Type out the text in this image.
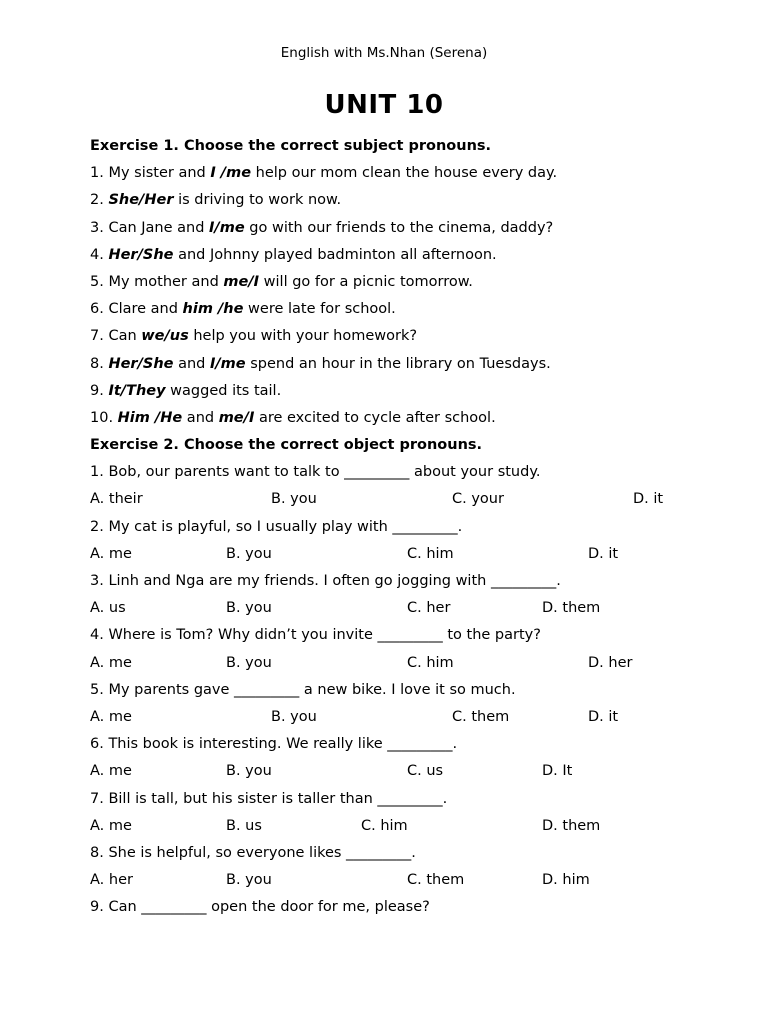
English with Ms.Nhan (Serena)
UNIT 10
Exercise 1. Choose the correct subject pronouns.
1. My sister and I /me help our mom clean the house every day.
2. She/Her is driving to work now.
3. Can Jane and I/me go with our friends to the cinema, daddy?
4. Her/She and Johnny played badminton all afternoon.
5. My mother and me/I will go for a picnic tomorrow.
6. Clare and him /he were late for school.
7. Can we/us help you with your homework?
8. Her/She and I/me spend an hour in the library on Tuesdays.
9. It/They wagged its tail.
10. Him /He and me/I are excited to cycle after school.
Exercise 2. Choose the correct object pronouns.
1. Bob, our parents want to talk to _________ about your study.
A. their	B. you	C. your	D. it
2. My cat is playful, so I usually play with _________.
A. me	B. you	C. him	D. it
3. Linh and Nga are my friends. I often go jogging with _________.
A. us	B. you	C. her	D. them
4. Where is Tom? Why didn’t you invite _________ to the party?
A. me	B. you	C. him	D. her
5. My parents gave _________ a new bike. I love it so much.
A. me	B. you	C. them	D. it
6. This book is interesting. We really like _________.
A. me	B. you	C. us	D. It
7. Bill is tall, but his sister is taller than _________.
A. me	B. us	C. him	D. them
8. She is helpful, so everyone likes _________.
A. her	B. you	C. them	D. him
9. Can _________ open the door for me, please?
